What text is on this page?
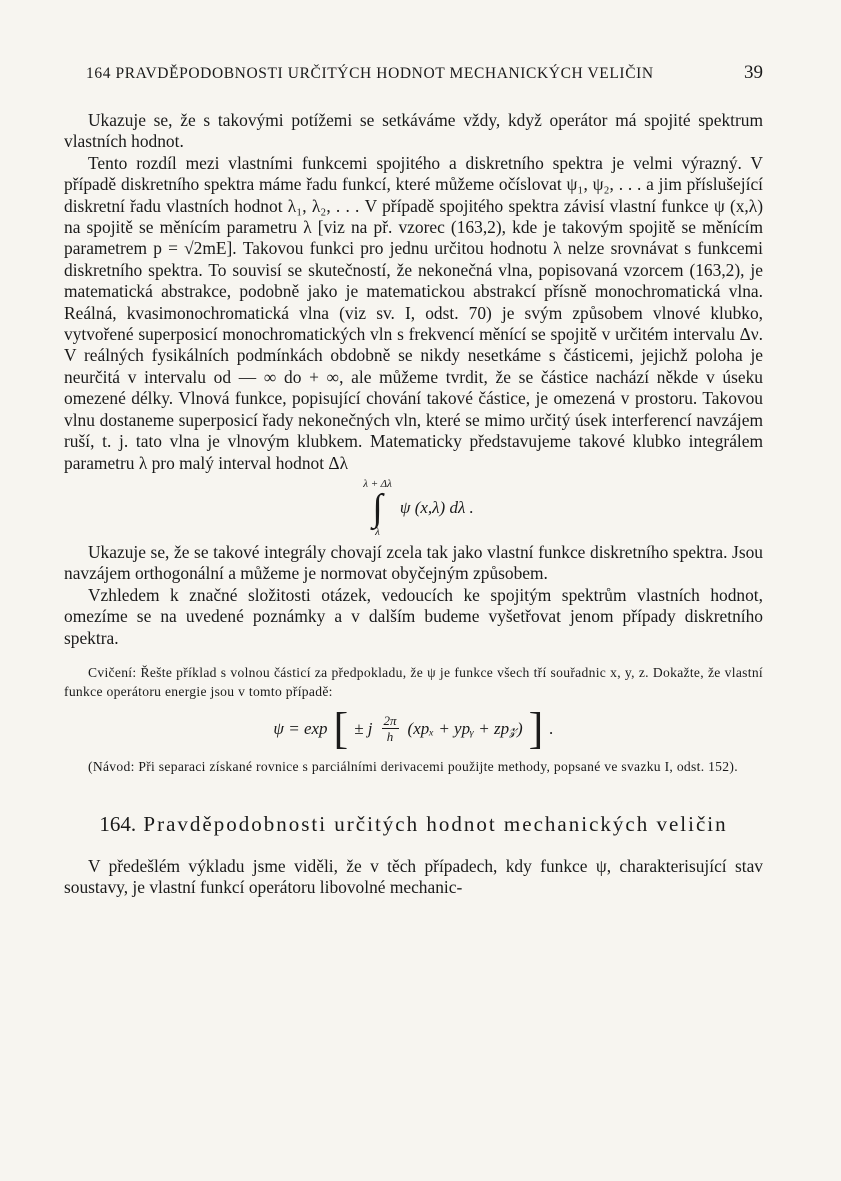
164 PRAVDĚPODOBNOSTI URČITÝCH HODNOT MECHANICKÝCH VELIČIN	39

Ukazuje se, že s takovými potížemi se setkáváme vždy, když operátor má spojité spektrum vlastních hodnot.

Tento rozdíl mezi vlastními funkcemi spojitého a diskretního spektra je velmi výrazný. V případě diskretního spektra máme řadu funkcí, které můžeme očíslovat ψ₁, ψ₂, . . . a jim příslušející diskretní řadu vlastních hodnot λ₁, λ₂, . . . V případě spojitého spektra závisí vlastní funkce ψ (x,λ) na spojitě se měnícím parametru λ [viz na př. vzorec (163,2), kde je takovým spojitě se měnícím parametrem p = √2mE]. Takovou funkci pro jednu určitou hodnotu λ nelze srovnávat s funkcemi diskretního spektra. To souvisí se skutečností, že nekonečná vlna, popisovaná vzorcem (163,2), je matematická abstrakce, podobně jako je matematickou abstrakcí přísně monochromatická vlna. Reálná, kvasimonochromatická vlna (viz sv. I, odst. 70) je svým způsobem vlnové klubko, vytvořené superposicí monochromatických vln s frekvencí měnící se spojitě v určitém intervalu Δν. V reálných fysikálních podmínkách obdobně se nikdy nesetkáme s částicemi, jejichž poloha je neurčitá v intervalu od — ∞ do + ∞, ale můžeme tvrdit, že se částice nachází někde v úseku omezené délky. Vlnová funkce, popisující chování takové částice, je omezená v prostoru. Takovou vlnu dostaneme superposicí řady nekonečných vln, které se mimo určitý úsek interferencí navzájem ruší, t. j. tato vlna je vlnovým klubkem. Matematicky představujeme takové klubko integrálem parametru λ pro malý interval hodnot Δλ

λ + Δλ
∫
λ
ψ (x,λ) dλ .

Ukazuje se, že se takové integrály chovají zcela tak jako vlastní funkce diskretního spektra. Jsou navzájem orthogonální a můžeme je normovat obyčejným způsobem.

Vzhledem k značné složitosti otázek, vedoucích ke spojitým spektrům vlastních hodnot, omezíme se na uvedené poznámky a v dalším budeme vyšetřovat jenom případy diskretního spektra.

Cvičení: Řešte příklad s volnou částicí za předpokladu, že ψ je funkce všech tří souřadnic x, y, z. Dokažte, že vlastní funkce operátoru energie jsou v tomto případě:

ψ = exp [ ± j $\frac{2\pi}{h} (xp_x$ + ypᵧ + zp𝓏) ] .

(Návod: Při separaci získané rovnice s parciálními derivacemi použijte methody, popsané ve svazku I, odst. 152).

164. Pravděpodobnosti určitých hodnot mechanických veličin

V předešlém výkladu jsme viděli, že v těch případech, kdy funkce ψ, charakterisující stav soustavy, je vlastní funkcí operátoru libovolné mechanic-
